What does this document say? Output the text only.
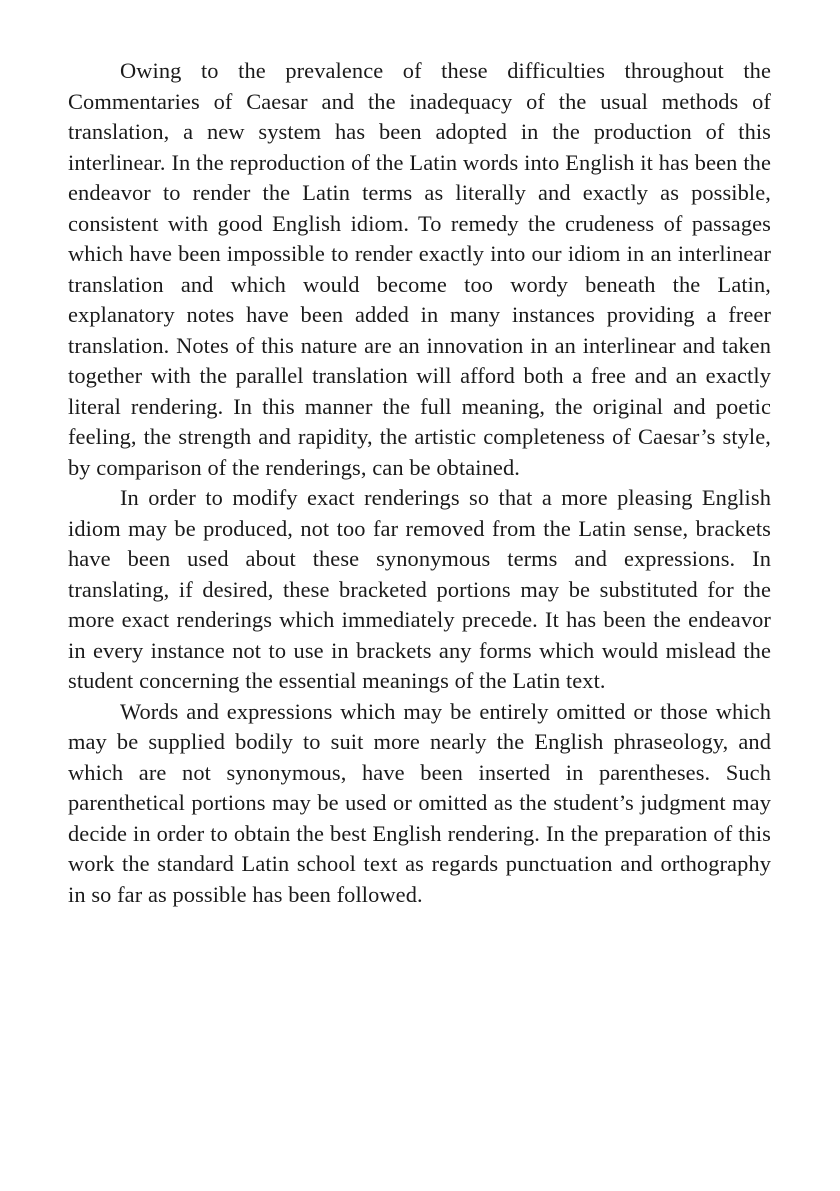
Owing to the prevalence of these difficulties throughout the Commentaries of Caesar and the inadequacy of the usual methods of translation, a new system has been adopted in the production of this interlinear. In the reproduction of the Latin words into English it has been the endeavor to render the Latin terms as literally and exactly as possible, consistent with good English idiom. To remedy the crudeness of passages which have been impossible to render exactly into our idiom in an interlinear translation and which would become too wordy beneath the Latin, explanatory notes have been added in many instances providing a freer translation. Notes of this nature are an innovation in an interlinear and taken together with the parallel translation will afford both a free and an exactly literal rendering. In this manner the full meaning, the original and poetic feeling, the strength and rapidity, the artistic completeness of Caesar’s style, by comparison of the renderings, can be obtained.

In order to modify exact renderings so that a more pleasing English idiom may be produced, not too far removed from the Latin sense, brackets have been used about these synonymous terms and expressions. In translating, if desired, these bracketed portions may be substituted for the more exact renderings which immediately precede. It has been the endeavor in every instance not to use in brackets any forms which would mislead the student concerning the essential meanings of the Latin text.

Words and expressions which may be entirely omitted or those which may be supplied bodily to suit more nearly the English phraseology, and which are not synonymous, have been inserted in parentheses. Such parenthetical portions may be used or omitted as the student’s judgment may decide in order to obtain the best English rendering. In the preparation of this work the standard Latin school text as regards punctuation and orthography in so far as possible has been followed.
